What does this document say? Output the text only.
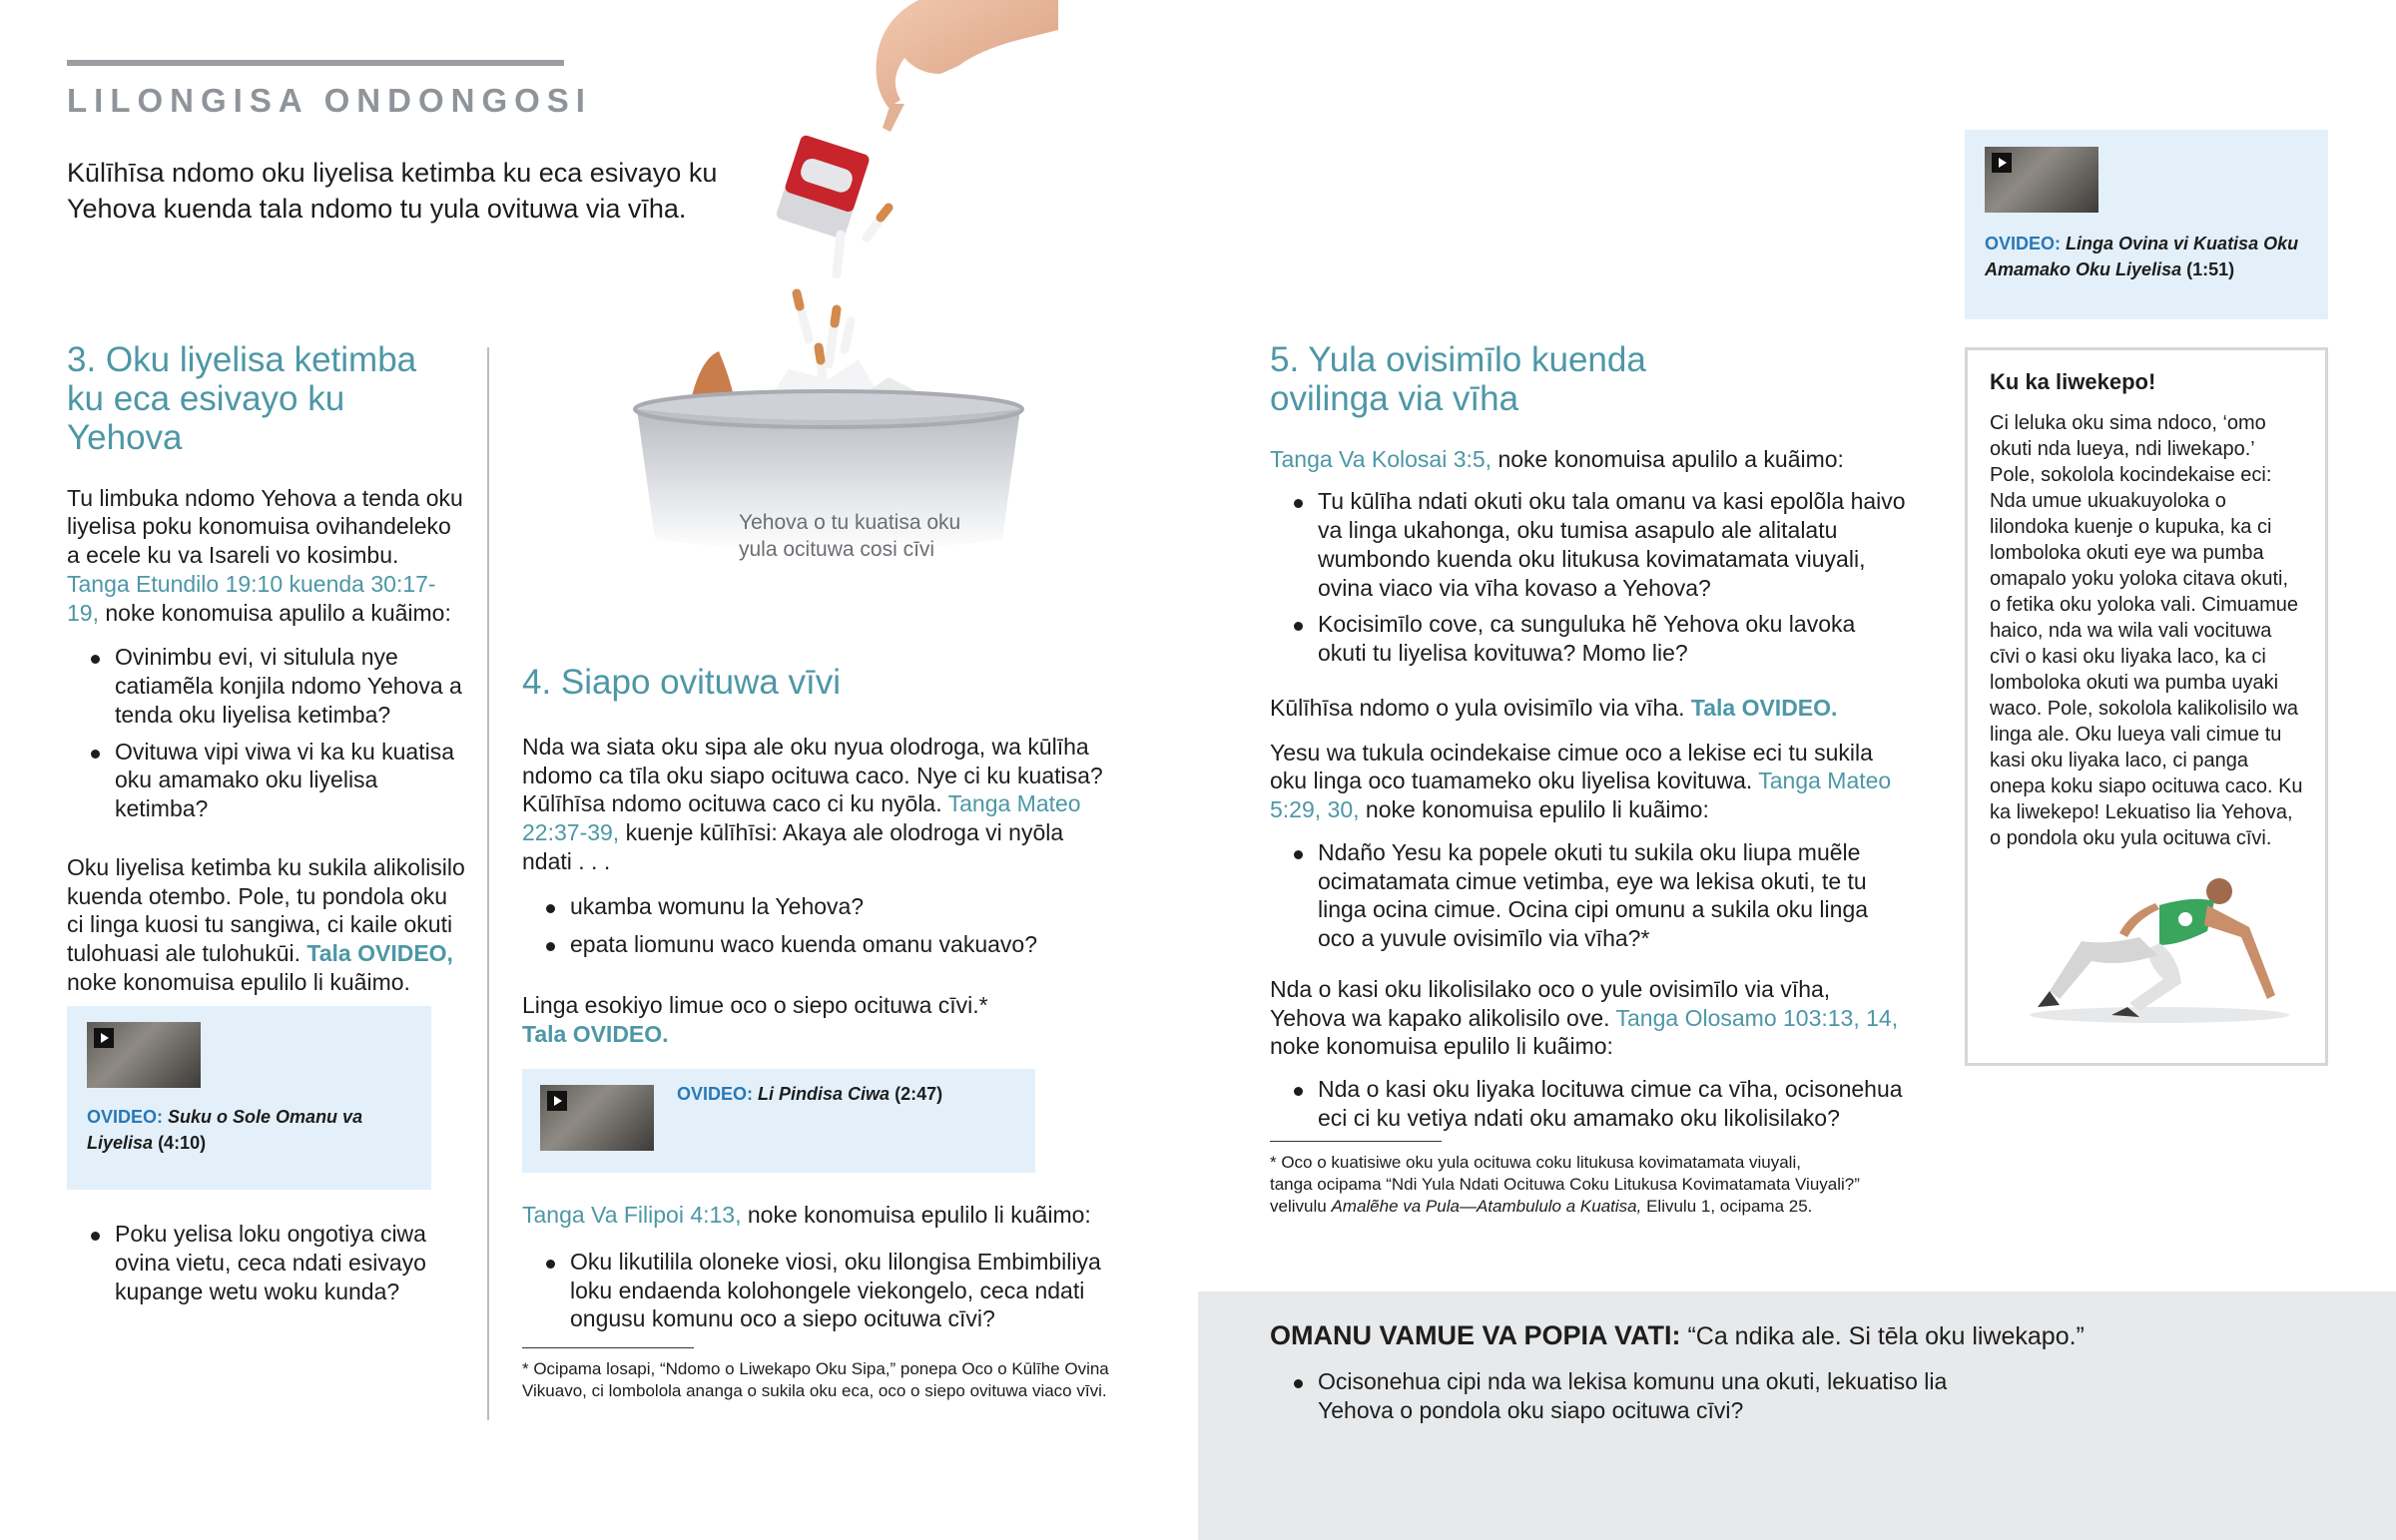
LILONGISA ONDONGOSI
Kūlīhīsa ndomo oku liyelisa ketimba ku eca esivayo ku Yehova kuenda tala ndomo tu yula ovituwa via vīha.
Yehova o tu kuatisa oku
yula ocituwa cosi cīvi
3. Oku liyelisa ketimba
ku eca esivayo ku Yehova

Tu limbuka ndomo Yehova a tenda oku liyelisa poku konomuisa ovihandeleko a ecele ku va Isareli vo kosimbu. Tanga Etundilo 19:10 kuenda 30:17-19, noke konomuisa apulilo a kuãimo:

Ovinimbu evi, vi situlula nye catiamẽla konjila ndomo Yehova a tenda oku liyelisa ketimba?
Ovituwa vipi viwa vi ka ku kuatisa oku amamako oku liyelisa ketimba?

Oku liyelisa ketimba ku sukila alikolisilo kuenda otembo. Pole, tu pondola oku ci linga kuosi tu sangiwa, ci kaile okuti tulohuasi ale tulohukūi. Tala OVIDEO, noke konomuisa epulilo li kuãimo.

OVIDEO: Suku o Sole Omanu va Liyelisa (4:10)
Poku yelisa loku ongotiya ciwa ovina vietu, ceca ndati esivayo kupange wetu woku kunda?
4. Siapo ovituwa vīvi

Nda wa siata oku sipa ale oku nyua olodroga, wa kūlīha ndomo ca tīla oku siapo ocituwa caco. Nye ci ku kuatisa? Kūlīhīsa ndomo ocituwa caco ci ku nyōla. Tanga Mateo 22:37-39, kuenje kūlīhīsi: Akaya ale olodroga vi nyōla ndati . . .

ukamba womunu la Yehova?
epata liomunu waco kuenda omanu vakuavo?

Linga esokiyo limue oco o siepo ocituwa cīvi.*
Tala OVIDEO.

OVIDEO: Li Pindisa Ciwa (2:47)

Tanga Va Filipoi 4:13, noke konomuisa epulilo li kuãimo:

Oku likutilila oloneke viosi, oku lilongisa Embimbiliya loku endaenda kolohongele viekongelo, ceca ndati ongusu komunu oco a siepo ocituwa cīvi?

* Ocipama losapi, “Ndomo o Liwekapo Oku Sipa,” ponepa Oco o Kūlīhe Ovina Vikuavo, ci lombolola ananga o sukila oku eca, oco o siepo ovituwa viaco vīvi.

5. Yula ovisimīlo kuenda
ovilinga via vīha

Tanga Va Kolosai 3:5, noke konomuisa apulilo a kuãimo:

Tu kūlīha ndati okuti oku tala omanu va kasi epolõla haivo va linga ukahonga, oku tumisa asapulo ale alitalatu wumbondo kuenda oku litukusa kovimatamata viuyali, ovina viaco via vīha kovaso a Yehova?
Kocisimīlo cove, ca sunguluka hẽ Yehova oku lavoka okuti tu liyelisa kovituwa? Momo lie?

Kūlīhīsa ndomo o yula ovisimīlo via vīha. Tala OVIDEO.

Yesu wa tukula ocindekaise cimue oco a lekise eci tu sukila oku linga oco tuamameko oku liyelisa kovituwa. Tanga Mateo 5:29, 30, noke konomuisa epulilo li kuãimo:

Ndaño Yesu ka popele okuti tu sukila oku liupa muẽle ocimatamata cimue vetimba, eye wa lekisa okuti, te tu linga ocina cimue. Ocina cipi omunu a sukila oku linga oco a yuvule ovisimīlo via vīha?*

Nda o kasi oku likolisilako oco o yule ovisimīlo via vīha, Yehova wa kapako alikolisilo ove. Tanga Olosamo 103:13, 14, noke konomuisa epulilo li kuãimo:

Nda o kasi oku liyaka locituwa cimue ca vīha, ocisonehua eci ci ku vetiya ndati oku amamako oku likolisilako?
* Oco o kuatisiwe oku yula ocituwa coku litukusa kovimatamata viuyali,
tanga ocipama “Ndi Yula Ndati Ocituwa Coku Litukusa Kovimatamata Viuyali?”
velivulu Amalẽhe va Pula—Atambululo a Kuatisa, Elivulu 1, ocipama 25.
OVIDEO: Linga Ovina vi Kuatisa Oku Amamako Oku Liyelisa (1:51)
Ku ka liwekepo!

Ci leluka oku sima ndoco, ‘omo okuti nda lueya, ndi liwekapo.’ Pole, sokolola kocindekaise eci: Nda umue ukuakuyoloka o lilondoka kuenje o kupuka, ka ci lomboloka okuti eye wa pumba omapalo yoku yoloka citava okuti, o fetika oku yoloka vali. Cimuamue haico, nda wa wila vali vocituwa cīvi o kasi oku liyaka laco, ka ci lomboloka okuti wa pumba uyaki waco. Pole, sokolola kalikolisilo wa linga ale. Oku lueya vali cimue tu kasi oku liyaka laco, ci panga onepa koku siapo ocituwa caco. Ku ka liwekepo! Lekuatiso lia Yehova, o pondola oku yula ocituwa cīvi.

OMANU VAMUE VA POPIA VATI: “Ca ndika ale. Si tēla oku liwekapo.”
Ocisonehua cipi nda wa lekisa komunu una okuti, lekuatiso lia Yehova o pondola oku siapo ocituwa cīvi?
